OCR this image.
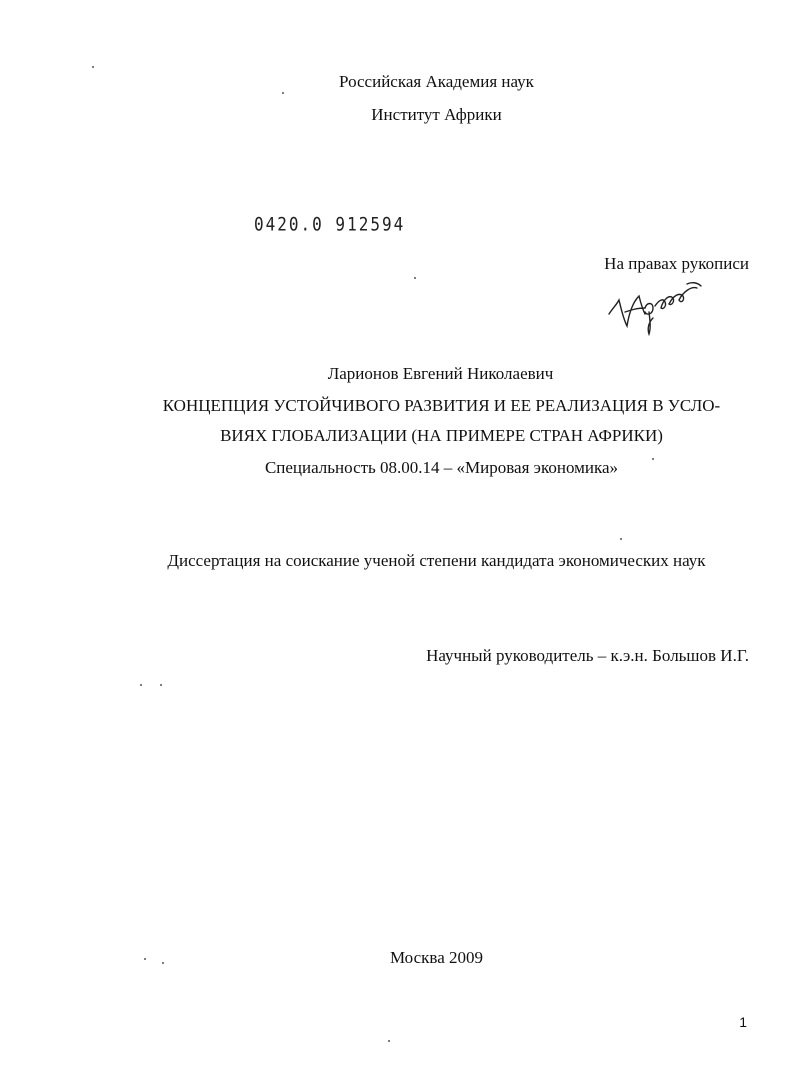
Российская Академия наук
Институт Африки
0420.0 912594
На правах рукописи
Ларионов Евгений Николаевич
КОНЦЕПЦИЯ УСТОЙЧИВОГО РАЗВИТИЯ И ЕЕ РЕАЛИЗАЦИЯ В УСЛО-
ВИЯХ ГЛОБАЛИЗАЦИИ (НА ПРИМЕРЕ СТРАН АФРИКИ)
Специальность 08.00.14 – «Мировая экономика»
Диссертация на соискание ученой степени кандидата экономических наук
Научный руководитель – к.э.н. Большов И.Г.
Москва 2009
1
